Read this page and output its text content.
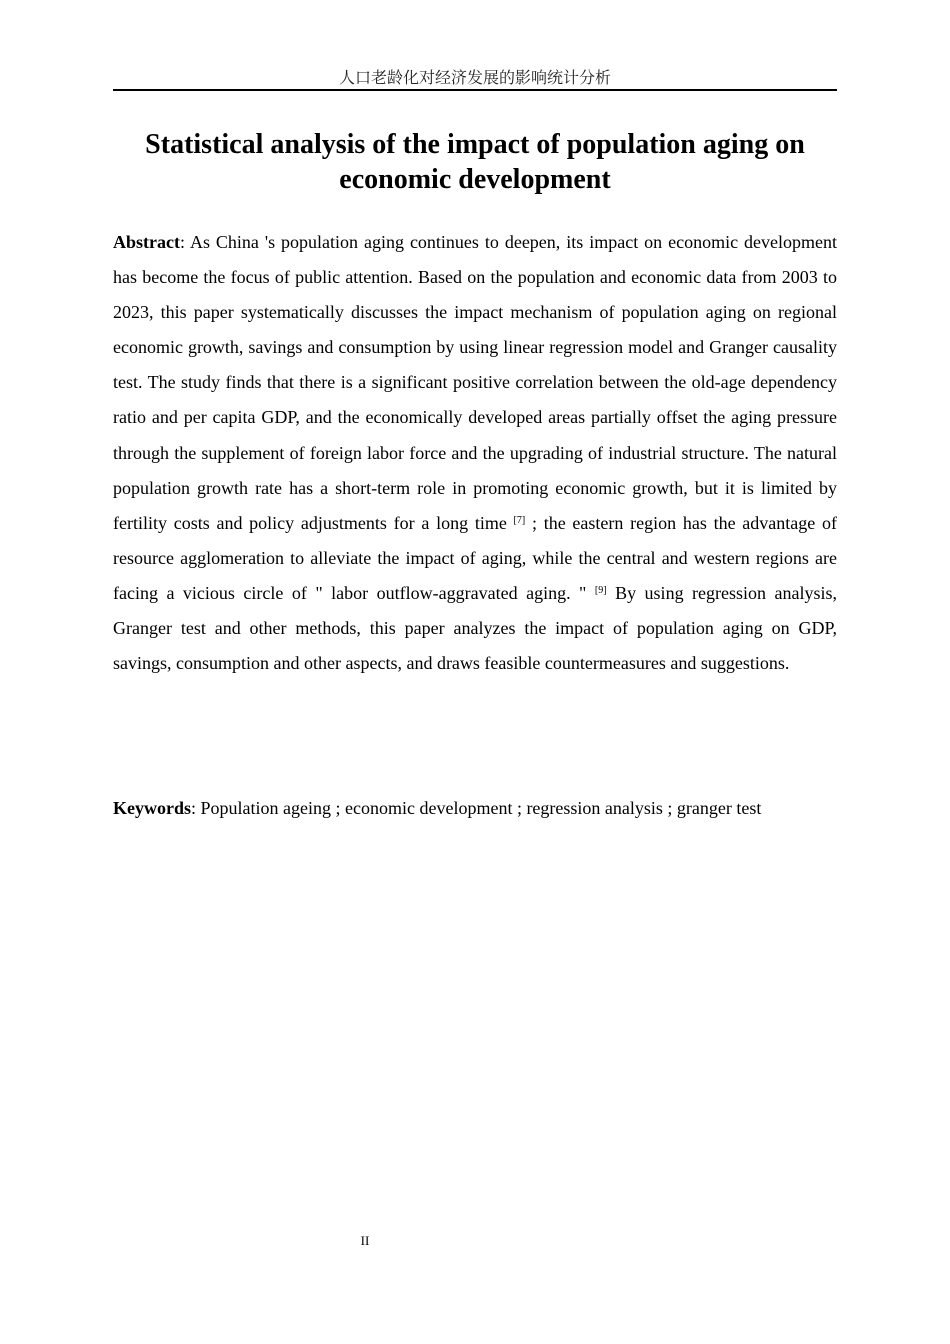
人口老龄化对经济发展的影响统计分析
Statistical analysis of the impact of population aging on economic development

Abstract: As China 's population aging continues to deepen, its impact on economic development has become the focus of public attention. Based on the population and economic data from 2003 to 2023, this paper systematically discusses the impact mechanism of population aging on regional economic growth, savings and consumption by using linear regression model and Granger causality test. The study finds that there is a significant positive correlation between the old-age dependency ratio and per capita GDP, and the economically developed areas partially offset the aging pressure through the supplement of foreign labor force and the upgrading of industrial structure. The natural population growth rate has a short-term role in promoting economic growth, but it is limited by fertility costs and policy adjustments for a long time [7] ; the eastern region has the advantage of resource agglomeration to alleviate the impact of aging, while the central and western regions are facing a vicious circle of " labor outflow-aggravated aging. " [9] By using regression analysis, Granger test and other methods, this paper analyzes the impact of population aging on GDP, savings, consumption and other aspects, and draws feasible countermeasures and suggestions.

Keywords: Population ageing ; economic development ; regression analysis ; granger test

II
